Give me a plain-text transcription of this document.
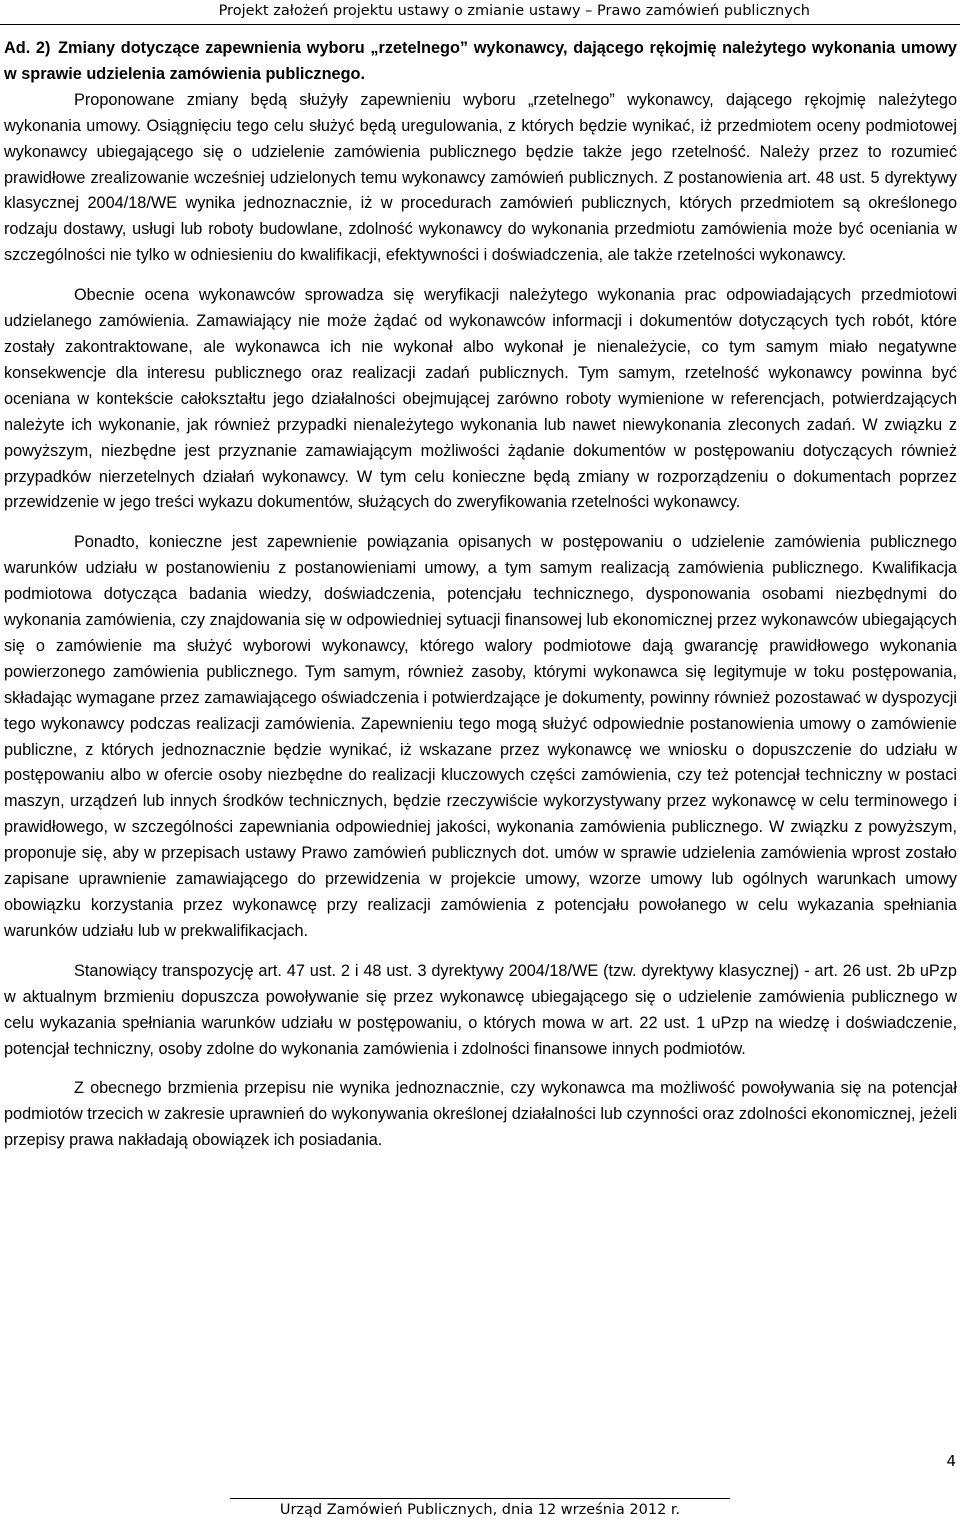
Projekt założeń projektu ustawy o zmianie ustawy – Prawo zamówień publicznych

Ad. 2) Zmiany dotyczące zapewnienia wyboru „rzetelnego” wykonawcy, dającego rękojmię należytego wykonania umowy w sprawie udzielenia zamówienia publicznego.

Proponowane zmiany będą służyły zapewnieniu wyboru „rzetelnego” wykonawcy, dającego rękojmię należytego wykonania umowy. Osiągnięciu tego celu służyć będą uregulowania, z których będzie wynikać, iż przedmiotem oceny podmiotowej wykonawcy ubiegającego się o udzielenie zamówienia publicznego będzie także jego rzetelność. Należy przez to rozumieć prawidłowe zrealizowanie wcześniej udzielonych temu wykonawcy zamówień publicznych. Z postanowienia art. 48 ust. 5 dyrektywy klasycznej 2004/18/WE wynika jednoznacznie, iż w procedurach zamówień publicznych, których przedmiotem są określonego rodzaju dostawy, usługi lub roboty budowlane, zdolność wykonawcy do wykonania przedmiotu zamówienia może być oceniania w szczególności nie tylko w odniesieniu do kwalifikacji, efektywności i doświadczenia, ale także rzetelności wykonawcy.

Obecnie ocena wykonawców sprowadza się weryfikacji należytego wykonania prac odpowiadających przedmiotowi udzielanego zamówienia. Zamawiający nie może żądać od wykonawców informacji i dokumentów dotyczących tych robót, które zostały zakontraktowane, ale wykonawca ich nie wykonał albo wykonał je nienależycie, co tym samym miało negatywne konsekwencje dla interesu publicznego oraz realizacji zadań publicznych. Tym samym, rzetelność wykonawcy powinna być oceniana w kontekście całokształtu jego działalności obejmującej zarówno roboty wymienione w referencjach, potwierdzających należyte ich wykonanie, jak również przypadki nienależytego wykonania lub nawet niewykonania zleconych zadań. W związku z powyższym, niezbędne jest przyznanie zamawiającym możliwości żądanie dokumentów w postępowaniu dotyczących również przypadków nierzetelnych działań wykonawcy. W tym celu konieczne będą zmiany w rozporządzeniu o dokumentach poprzez przewidzenie w jego treści wykazu dokumentów, służących do zweryfikowania rzetelności wykonawcy.

Ponadto, konieczne jest zapewnienie powiązania opisanych w postępowaniu o udzielenie zamówienia publicznego warunków udziału w postanowieniu z postanowieniami umowy, a tym samym realizacją zamówienia publicznego. Kwalifikacja podmiotowa dotycząca badania wiedzy, doświadczenia, potencjału technicznego, dysponowania osobami niezbędnymi do wykonania zamówienia, czy znajdowania się w odpowiedniej sytuacji finansowej lub ekonomicznej przez wykonawców ubiegających się o zamówienie ma służyć wyborowi wykonawcy, którego walory podmiotowe dają gwarancję prawidłowego wykonania powierzonego zamówienia publicznego. Tym samym, również zasoby, którymi wykonawca się legitymuje w toku postępowania, składając wymagane przez zamawiającego oświadczenia i potwierdzające je dokumenty, powinny również pozostawać w dyspozycji tego wykonawcy podczas realizacji zamówienia. Zapewnieniu tego mogą służyć odpowiednie postanowienia umowy o zamówienie publiczne, z których jednoznacznie będzie wynikać, iż wskazane przez wykonawcę we wniosku o dopuszczenie do udziału w postępowaniu albo w ofercie osoby niezbędne do realizacji kluczowych części zamówienia, czy też potencjał techniczny w postaci maszyn, urządzeń lub innych środków technicznych, będzie rzeczywiście wykorzystywany przez wykonawcę w celu terminowego i prawidłowego, w szczególności zapewniania odpowiedniej jakości, wykonania zamówienia publicznego. W związku z powyższym, proponuje się, aby w przepisach ustawy Prawo zamówień publicznych dot. umów w sprawie udzielenia zamówienia wprost zostało zapisane uprawnienie zamawiającego do przewidzenia w projekcie umowy, wzorze umowy lub ogólnych warunkach umowy obowiązku korzystania przez wykonawcę przy realizacji zamówienia z potencjału powołanego w celu wykazania spełniania warunków udziału lub w prekwalifikacjach.

Stanowiący transpozycję art. 47 ust. 2 i 48 ust. 3 dyrektywy 2004/18/WE (tzw. dyrektywy klasycznej) - art. 26 ust. 2b uPzp w aktualnym brzmieniu dopuszcza powoływanie się przez wykonawcę ubiegającego się o udzielenie zamówienia publicznego w celu wykazania spełniania warunków udziału w postępowaniu, o których mowa w art. 22 ust. 1 uPzp na wiedzę i doświadczenie, potencjał techniczny, osoby zdolne do wykonania zamówienia i zdolności finansowe innych podmiotów.

Z obecnego brzmienia przepisu nie wynika jednoznacznie, czy wykonawca ma możliwość powoływania się na potencjał podmiotów trzecich w zakresie uprawnień do wykonywania określonej działalności lub czynności oraz zdolności ekonomicznej, jeżeli przepisy prawa nakładają obowiązek ich posiadania.

4
Urząd Zamówień Publicznych, dnia 12 września 2012 r.
